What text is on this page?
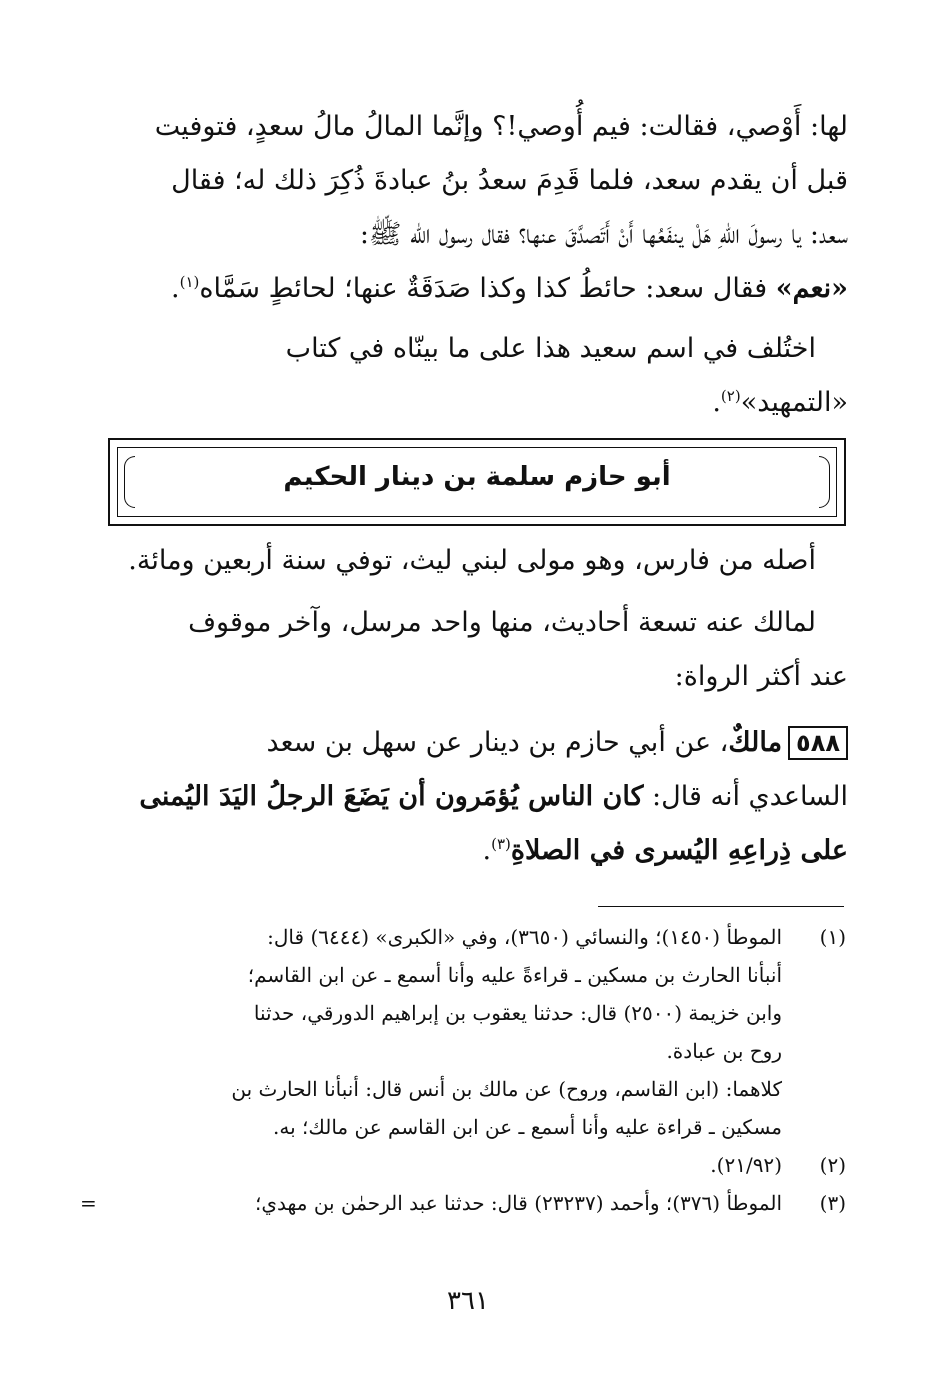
لها: أَوْصي، فقالت: فيم أُوصي!؟ وإنَّما المالُ مالُ سعدٍ، فتوفيت

قبل أن يقدم سعد، فلما قَدِمَ سعدُ بنُ عبادةَ ذُكِرَ ذلك له؛ فقال

سعد: يا رسولَ اللهِ هَلْ ينفَعُها أَنْ أَتَصدَّقَ عنها؟ فقال رسول الله ﷺ:

«نعم» فقال سعد: حائطُ كذا وكذا صَدَقَةٌ عنها؛ لحائطٍ سَمَّاه$^{(١)}$.

اختُلف في اسم سعيد هذا على ما بينّاه في كتاب

«التمهيد»$^{(٢)}$.

أبو حازم سلمة بن دينار الحكيم

أصله من فارس، وهو مولى لبني ليث، توفي سنة أربعين ومائة.

لمالك عنه تسعة أحاديث، منها واحد مرسل، وآخر موقوف

عند أكثر الرواة:

٥٨٨مالكٌ، عن أبي حازم بن دينار عن سهل بن سعد

الساعدي أنه قال: كان الناس يُؤمَرون أن يَضَعَ الرجلُ اليَدَ اليُمنى

على ذِراعِهِ اليُسرى في الصلاةِ$^{(٣)}$.

(١)

الموطأ (١٤٥٠)؛ والنسائي (٣٦٥٠)، وفي «الكبرى» (٦٤٤٤) قال:

أنبأنا الحارث بن مسكين ـ قراءةً عليه وأنا أسمع ـ عن ابن القاسم؛

وابن خزيمة (٢٥٠٠) قال: حدثنا يعقوب بن إبراهيم الدورقي، حدثنا

روح بن عبادة.

كلاهما: (ابن القاسم، وروح) عن مالك بن أنس قال: أنبأنا الحارث بن

مسكين ـ قراءة عليه وأنا أسمع ـ عن ابن القاسم عن مالك؛ به.

(٢)

(٢١/٩٢).

(٣)

الموطأ (٣٧٦)؛ وأحمد (٢٣٢٣٧) قال: حدثنا عبد الرحمٰن بن مهدي؛

=
٣٦١
